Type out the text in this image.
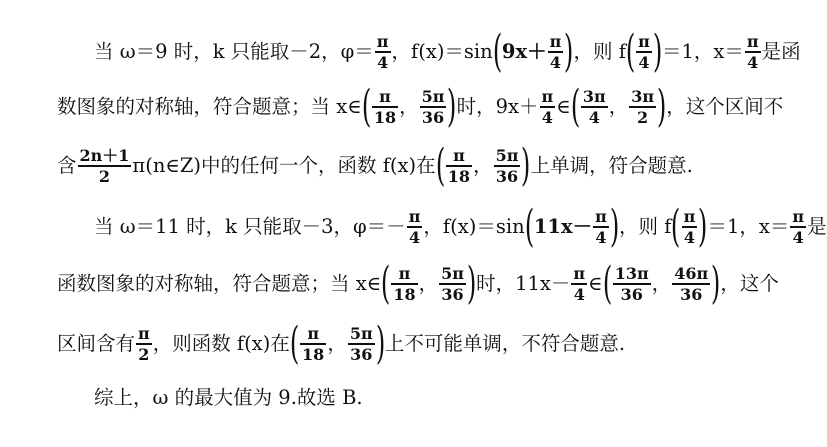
当 ω＝9 时，k 只能取－2，$\varphi= \frac{\pi}{4}$ ，f(x)＝sin ( $9x+ \frac{\pi}{4}$ ) ，则 f ( $\frac{\pi}{4}$ ) ＝1，$x= \frac{\pi}{4}$ 是函
数图象的对称轴，符合题意；当 x∈ ( $\frac{\pi}{18}$ ， $\frac{5\pi}{36}$ ) 时，$9x+ \frac{\pi}{4}$ ∈ ( $\frac{3\pi}{4}$ ， $\frac{3\pi}{2}$ ) ，这个区间不
含 $\frac{2n+1}{2}$ π(n∈Z)中的任何一个，函数 f(x)在 ( $\frac{\pi}{18}$ ， $\frac{5\pi}{36}$ ) 上单调，符合题意.
当 ω＝11 时，k 只能取－3，$\varphi=- \frac{\pi}{4}$ ，f(x)＝sin ( $11x- \frac{\pi}{4}$ ) ，则 f ( $\frac{\pi}{4}$ ) ＝1，$x= \frac{\pi}{4}$ 是
函数图象的对称轴，符合题意；当 x∈ ( $\frac{\pi}{18}$ ， $\frac{5\pi}{36}$ ) 时，$11x- \frac{\pi}{4}$ ∈ ( $\frac{13\pi}{36}$ ， $\frac{46\pi}{36}$ ) ，这个
区间含有 $\frac{\pi}{2}$ ，则函数 f(x)在 ( $\frac{\pi}{18}$ ， $\frac{5\pi}{36}$ ) 上不可能单调，不符合题意.
综上，ω 的最大值为 9.故选 B.
